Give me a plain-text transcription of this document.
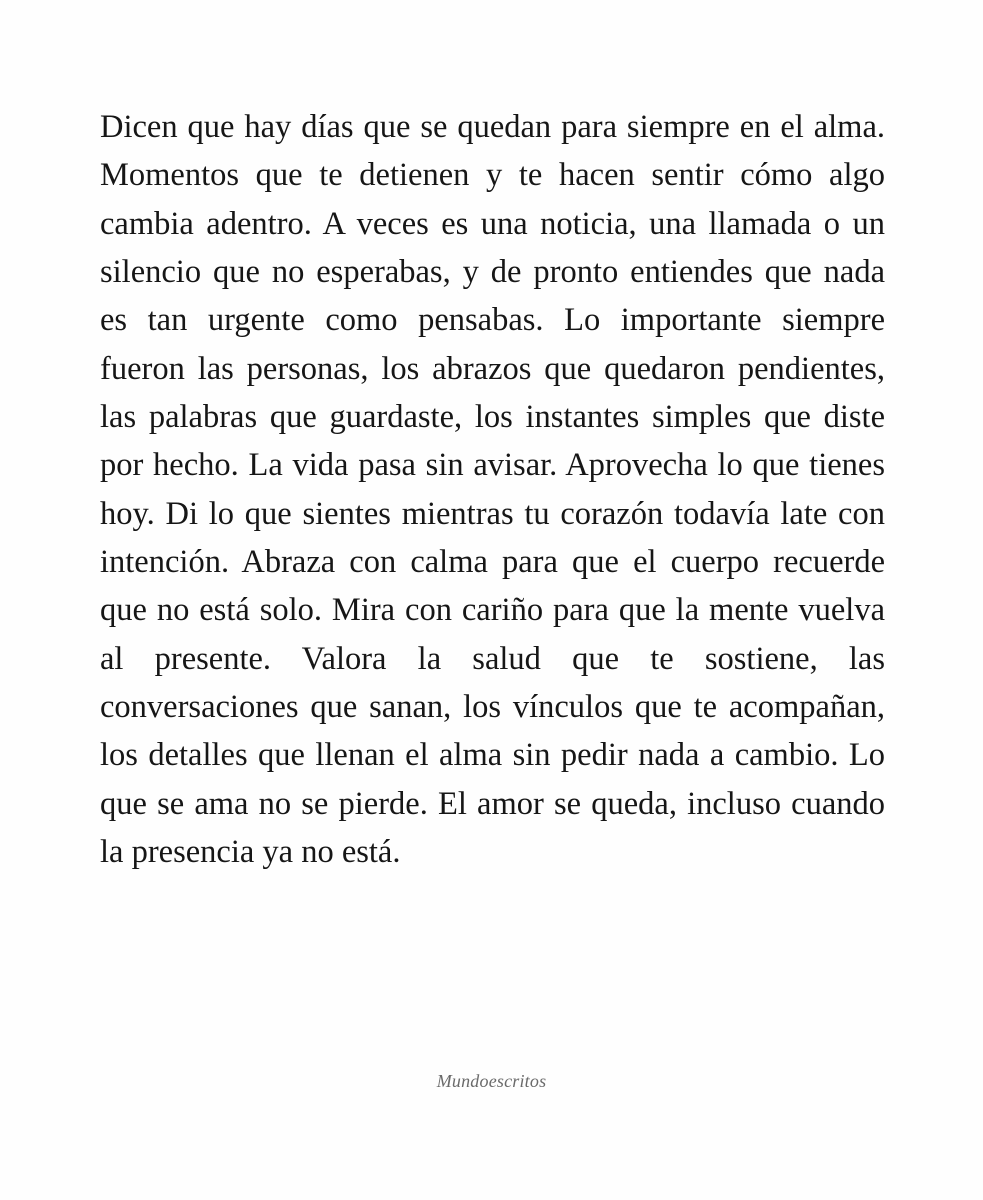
Dicen que hay días que se quedan para siempre en el alma. Momentos que te detienen y te hacen sentir cómo algo cambia adentro. A veces es una noticia, una llamada o un silencio que no esperabas, y de pronto entiendes que nada es tan urgente como pensabas. Lo importante siempre fueron las personas, los abrazos que quedaron pendientes, las palabras que guardaste, los instantes simples que diste por hecho. La vida pasa sin avisar. Aprovecha lo que tienes hoy. Di lo que sientes mientras tu corazón todavía late con intención. Abraza con calma para que el cuerpo recuerde que no está solo. Mira con cariño para que la mente vuelva al presente. Valora la salud que te sostiene, las conversaciones que sanan, los vínculos que te acompañan, los detalles que llenan el alma sin pedir nada a cambio. Lo que se ama no se pierde. El amor se queda, incluso cuando la presencia ya no está.

Mundoescritos
